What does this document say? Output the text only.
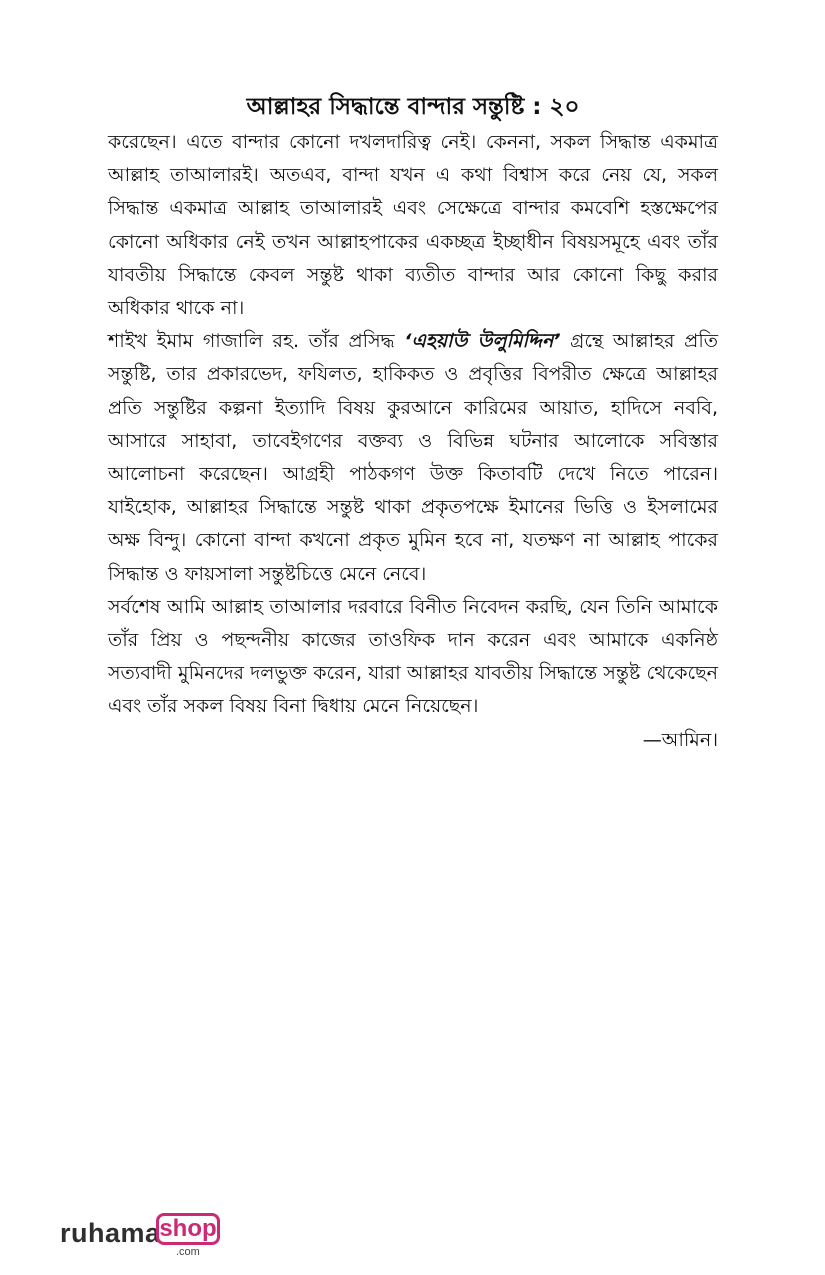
আল্লাহর সিদ্ধান্তে বান্দার সন্তুষ্টি : ২০

করেছেন। এতে বান্দার কোনো দখলদারিত্ব নেই। কেননা, সকল সিদ্ধান্ত একমাত্র আল্লাহ তাআলারই। অতএব, বান্দা যখন এ কথা বিশ্বাস করে নেয় যে, সকল সিদ্ধান্ত একমাত্র আল্লাহ তাআলারই এবং সেক্ষেত্রে বান্দার কমবেশি হস্তক্ষেপের কোনো অধিকার নেই তখন আল্লাহপাকের একচ্ছত্র ইচ্ছাধীন বিষয়সমূহে এবং তাঁর যাবতীয় সিদ্ধান্তে কেবল সন্তুষ্ট থাকা ব্যতীত বান্দার আর কোনো কিছু করার অধিকার থাকে না।

শাইখ ইমাম গাজালি রহ. তাঁর প্রসিদ্ধ ‘এহয়াউ উলুমিদ্দিন’ গ্রন্থে আল্লাহর প্রতি সন্তুষ্টি, তার প্রকারভেদ, ফযিলত, হাকিকত ও প্রবৃত্তির বিপরীত ক্ষেত্রে আল্লাহর প্রতি সন্তুষ্টির কল্পনা ইত্যাদি বিষয় কুরআনে কারিমের আয়াত, হাদিসে নববি, আসারে সাহাবা, তাবেইগণের বক্তব্য ও বিভিন্ন ঘটনার আলোকে সবিস্তার আলোচনা করেছেন। আগ্রহী পাঠকগণ উক্ত কিতাবটি দেখে নিতে পারেন। যাইহোক, আল্লাহর সিদ্ধান্তে সন্তুষ্ট থাকা প্রকৃতপক্ষে ইমানের ভিত্তি ও ইসলামের অক্ষ বিন্দু। কোনো বান্দা কখনো প্রকৃত মুমিন হবে না, যতক্ষণ না আল্লাহ পাকের সিদ্ধান্ত ও ফায়সালা সন্তুষ্টচিত্তে মেনে নেবে।

সর্বশেষ আমি আল্লাহ তাআলার দরবারে বিনীত নিবেদন করছি, যেন তিনি আমাকে তাঁর প্রিয় ও পছন্দনীয় কাজের তাওফিক দান করেন এবং আমাকে একনিষ্ঠ সত্যবাদী মুমিনদের দলভুক্ত করেন, যারা আল্লাহর যাবতীয় সিদ্ধান্তে সন্তুষ্ট থেকেছেন এবং তাঁর সকল বিষয় বিনা দ্বিধায় মেনে নিয়েছেন।

—আমিন।

ruhama
shop
.com
